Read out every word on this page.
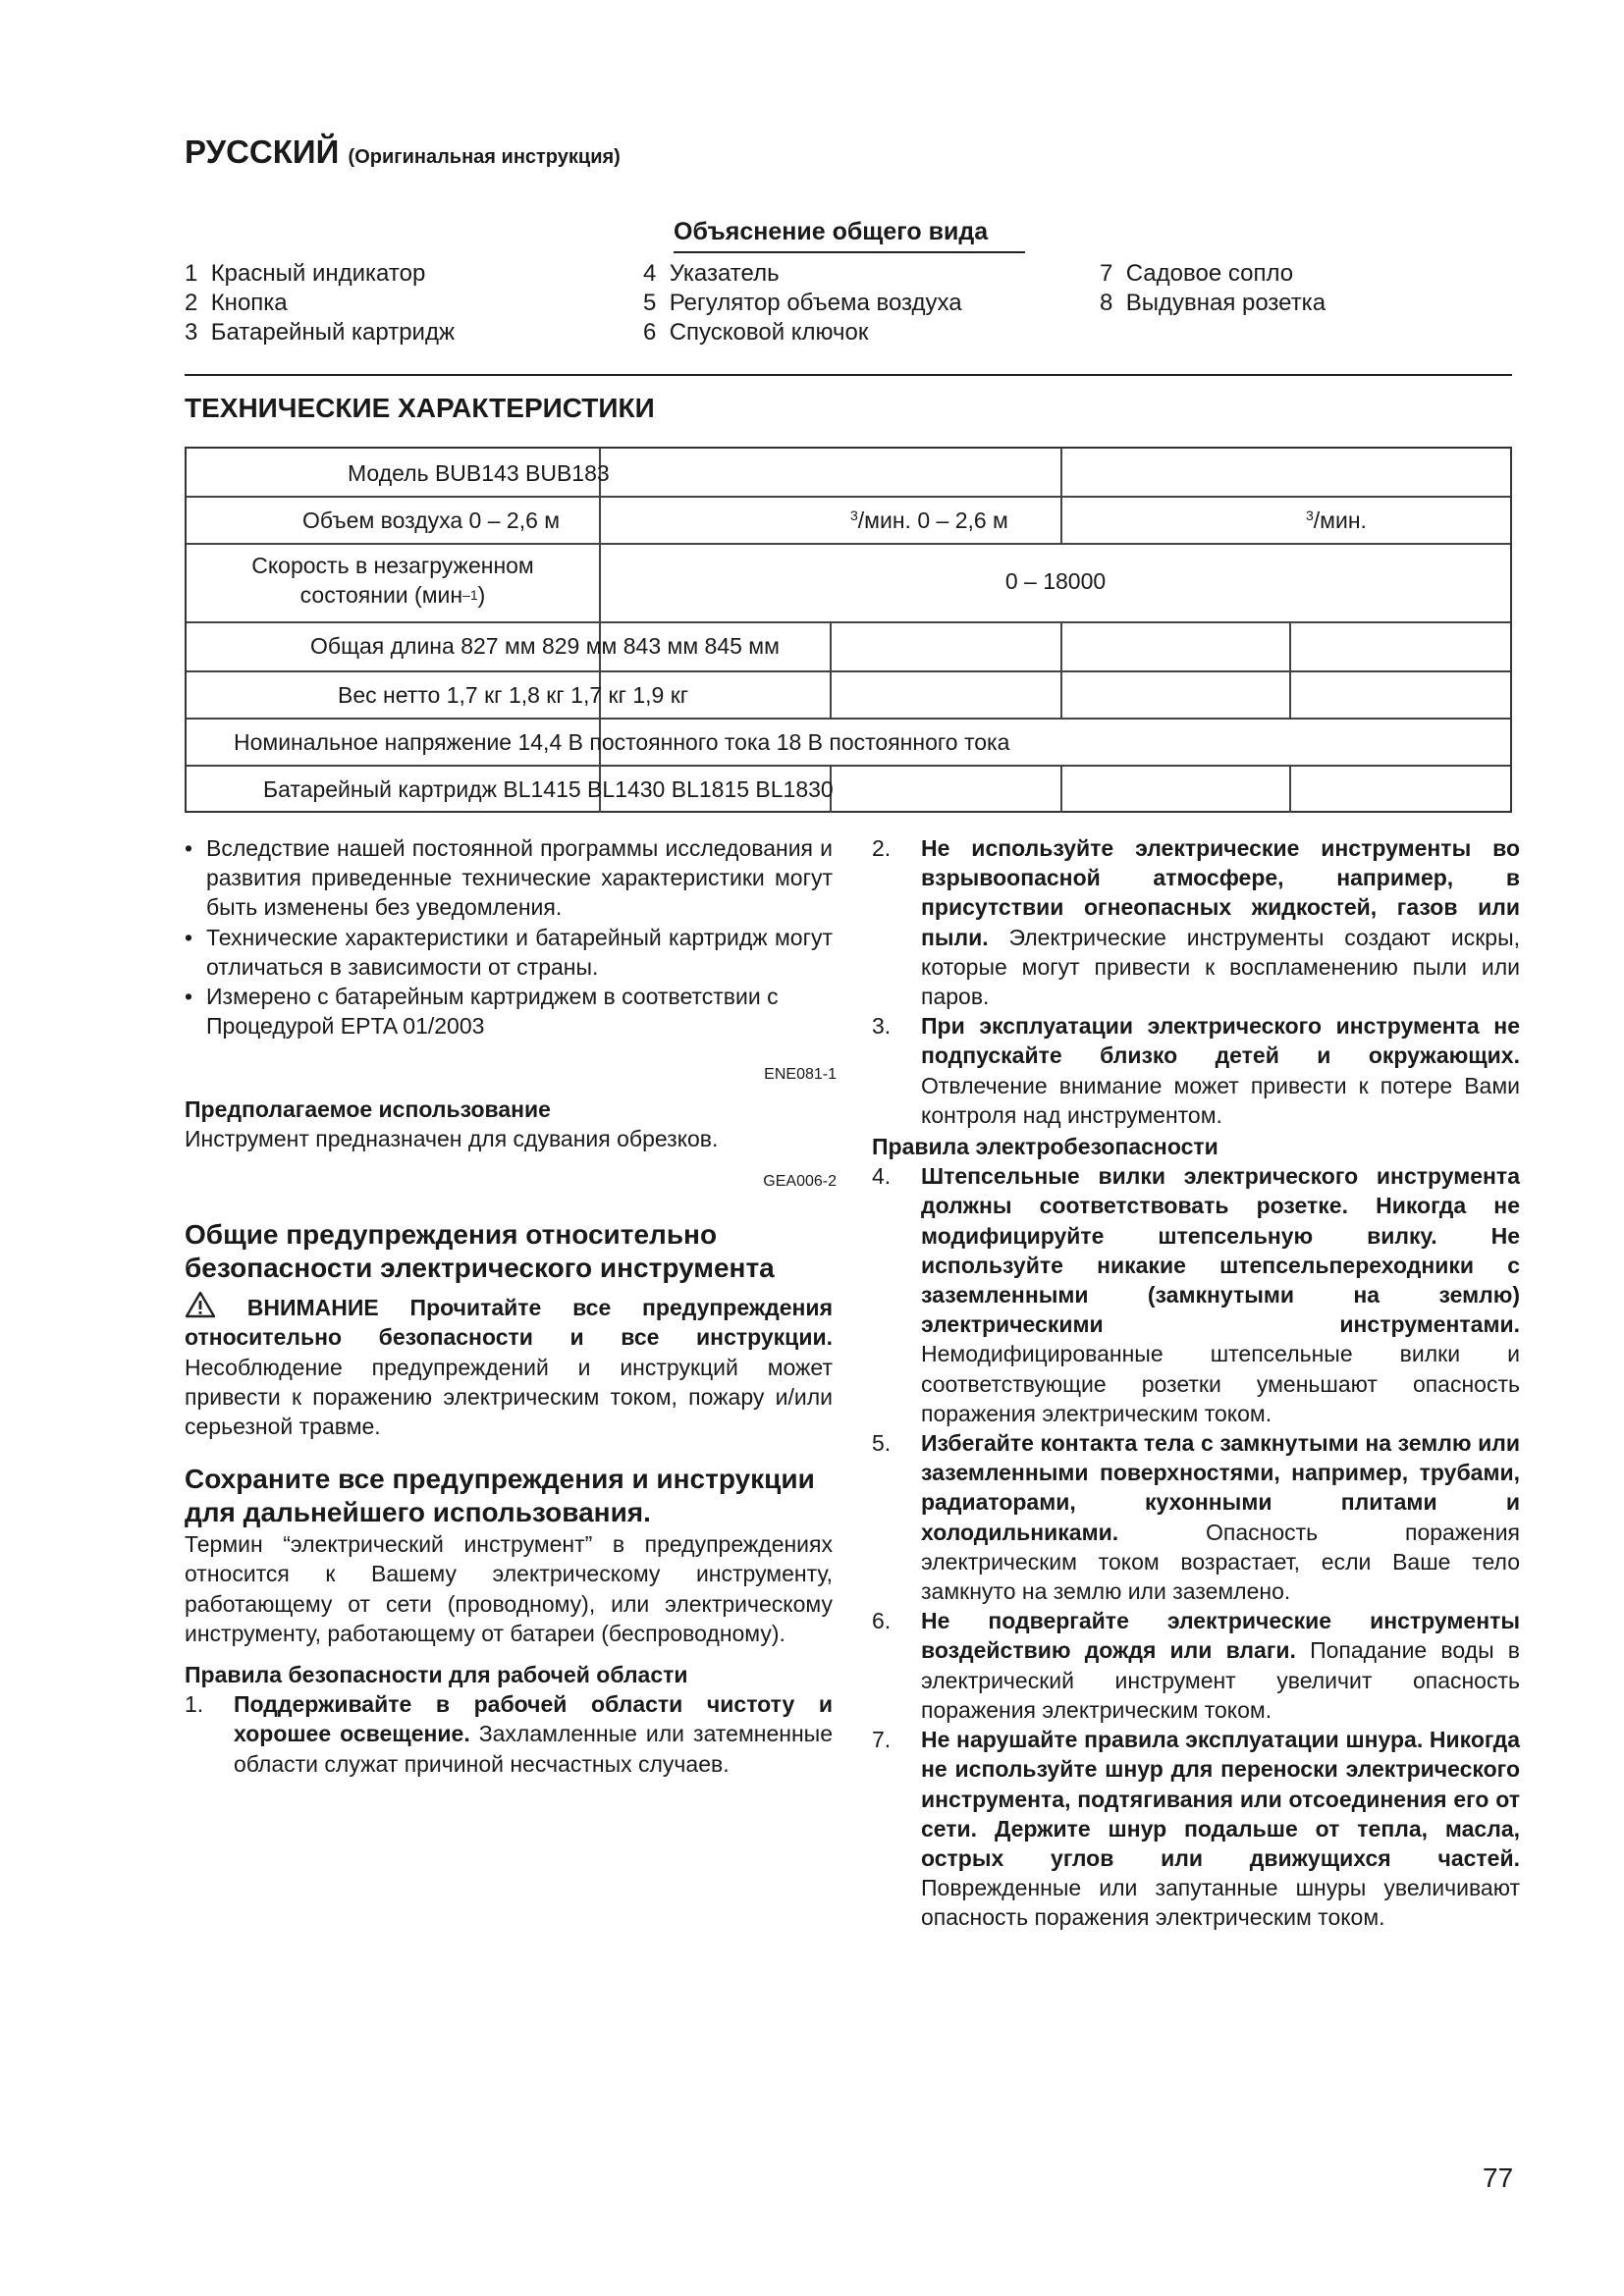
РУССКИЙ (Оригинальная инструкция)
Объяснение общего вида
1 Красный индикатор
2 Кнопка
3 Батарейный картридж
4 Указатель
5 Регулятор объема воздуха
6 Спусковой ключок
7 Садовое сопло
8 Выдувная розетка
ТЕХНИЧЕСКИЕ ХАРАКТЕРИСТИКИ
Модель BUB143 BUB183
Объем воздуха 0 – 2,6 м	$^3$/мин. 0 – 2,6 м	$^3$/мин.
Скорость в незагруженном
состоянии (мин$^{-1}$)
0 – 18000
Общая длина 827 мм 829 мм 843 мм 845 мм
Вес нетто 1,7 кг 1,8 кг 1,7 кг 1,9 кг
Номинальное напряжение 14,4 В постоянного тока 18 В постоянного тока
Батарейный картридж BL1415 BL1430 BL1815 BL1830
• Вследствие нашей постоянной программы исследования и развития приведенные технические характеристики могут быть изменены без уведомления.
• Технические характеристики и батарейный картридж могут отличаться в зависимости от страны.
• Измерено с батарейным картриджем в соответствии с Процедурой EPTA 01/2003
ENE081-1
Предполагаемое использование
Инструмент предназначен для сдувания обрезков.
GEA006-2
Общие предупреждения относительно безопасности электрического инструмента
ВНИМАНИЕ Прочитайте все предупреждения относительно безопасности и все инструкции. Несоблюдение предупреждений и инструкций может привести к поражению электрическим током, пожару и/или серьезной травме.
Сохраните все предупреждения и инструкции для дальнейшего использования.
Термин “электрический инструмент” в предупреждениях относится к Вашему электрическому инструменту, работающему от сети (проводному), или электрическому инструменту, работающему от батареи (беспроводному).
Правила безопасности для рабочей области
1. Поддерживайте в рабочей области чистоту и хорошее освещение. Захламленные или затемненные области служат причиной несчастных случаев.
2. Не используйте электрические инструменты во взрывоопасной атмосфере, например, в присутствии огнеопасных жидкостей, газов или пыли. Электрические инструменты создают искры, которые могут привести к воспламенению пыли или паров.
3. При эксплуатации электрического инструмента не подпускайте близко детей и окружающих. Отвлечение внимание может привести к потере Вами контроля над инструментом.
Правила электробезопасности
4. Штепсельные вилки электрического инструмента должны соответствовать розетке. Никогда не модифицируйте штепсельную вилку. Не используйте никакие штепсельпереходники с заземленными (замкнутыми на землю) электрическими инструментами. Немодифицированные штепсельные вилки и соответствующие розетки уменьшают опасность поражения электрическим током.
5. Избегайте контакта тела с замкнутыми на землю или заземленными поверхностями, например, трубами, радиаторами, кухонными плитами и холодильниками. Опасность поражения электрическим током возрастает, если Ваше тело замкнуто на землю или заземлено.
6. Не подвергайте электрические инструменты воздействию дождя или влаги. Попадание воды в электрический инструмент увеличит опасность поражения электрическим током.
7. Не нарушайте правила эксплуатации шнура. Никогда не используйте шнур для переноски электрического инструмента, подтягивания или отсоединения его от сети. Держите шнур подальше от тепла, масла, острых углов или движущихся частей. Поврежденные или запутанные шнуры увеличивают опасность поражения электрическим током.
77
